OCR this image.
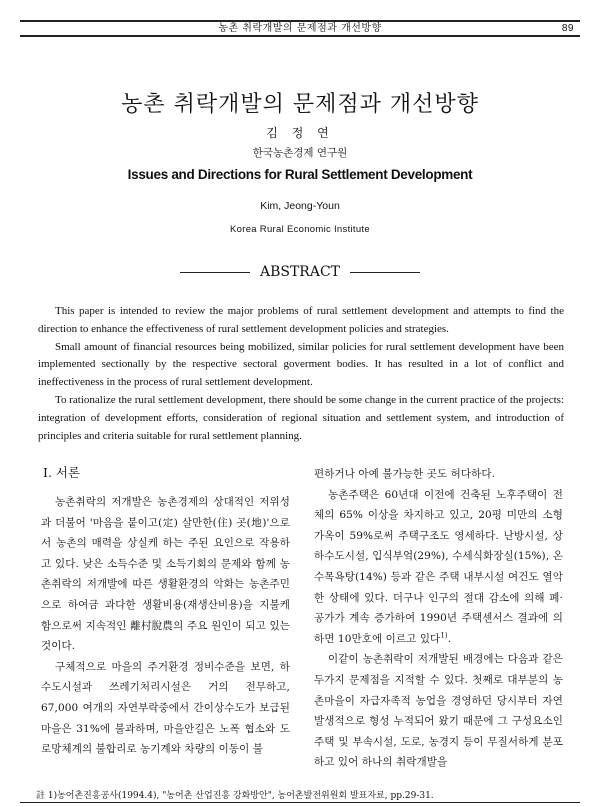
농촌 취락개발의 문제점과 개선방향	89
농촌 취락개발의 문제점과 개선방향
김 정 연
한국농촌경제 연구원
Issues and Directions for Rural Settlement Development
Kim, Jeong-Youn
Korea Rural Economic Institute
ABSTRACT

This paper is intended to review the major problems of rural settlement development and attempts to find the direction to enhance the effectiveness of rural settlement development policies and strategies.

Small amount of financial resources being mobilized, similar policies for rural settlement development have been implemented sectionally by the respective sectoral goverment bodies. It has resulted in a lot of conflict and ineffectiveness in the process of rural settlement development.

To rationalize the rural settlement development, there should be some change in the current practice of the projects: integration of development efforts, consideration of regional situation and settlement system, and introduction of principles and criteria suitable for rural settlement planning.

I. 서론

농촌취락의 저개발은 농촌경제의 상대적인 저위성과 더불어 '마음을 붙이고(定) 살만한(住) 곳(地)'으로서 농촌의 매력을 상실케 하는 주된 요인으로 작용하고 있다. 낮은 소득수준 및 소득기회의 문제와 함께 농촌취락의 저개발에 따른 생활환경의 악화는 농촌주민으로 하여금 과다한 생활비용(재생산비용)을 지불케 함으로써 지속적인 離村脫農의 주요 원인이 되고 있는 것이다.

구체적으로 마을의 주거환경 정비수준을 보면, 하수도시설과 쓰레기처리시설은 거의 전무하고, 67,000 여개의 자연부락중에서 간이상수도가 보급된 마을은 31%에 불과하며, 마을안길은 노폭 협소와 도로망체계의 불합리로 농기계와 차량의 이동이 불

편하거나 아예 불가능한 곳도 허다하다.

농촌주택은 60년대 이전에 건축된 노후주택이 전체의 65% 이상을 차지하고 있고, 20평 미만의 소형가옥이 59%로써 주택구조도 영세하다. 난방시설, 상하수도시설, 입식부엌(29%), 수세식화장실(15%), 온수목욕탕(14%) 등과 같은 주택 내부시설 여건도 열악한 상태에 있다. 더구나 인구의 절대 감소에 의해 폐·공가가 계속 증가하여 1990년 주택센서스 결과에 의하면 10만호에 이르고 있다$^{1)}$.

이같이 농촌취락이 저개발된 배경에는 다음과 같은 두가지 문제점을 지적할 수 있다. 첫째로 대부분의 농촌마을이 자급자족적 농업을 경영하던 당시부터 자연발생적으로 형성 누적되어 왔기 때문에 그 구성요소인 주택 및 부속시설, 도로, 농경지 등이 무질서하게 분포하고 있어 하나의 취락개발을

註 1)농어촌진흥공사(1994.4), "농어촌 산업진흥 강화방안", 농어촌발전위원회 발표자료, pp.29-31.
